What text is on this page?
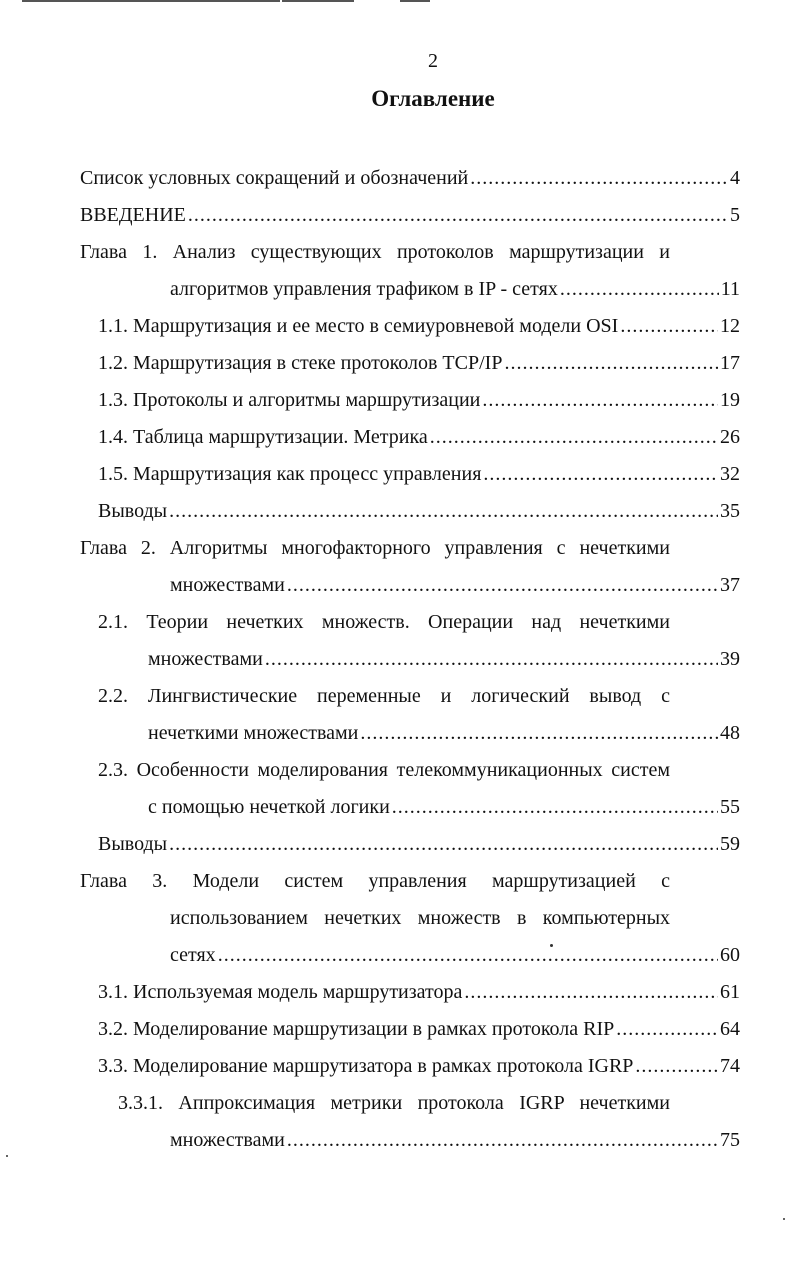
2
Оглавление
Список условных сокращений и обозначений .....	4
ВВЕДЕНИЕ .....	5
Глава 1. Анализ существующих протоколов маршрутизации и
алгоритмов управления трафиком в IP - сетях .....	11
1.1. Маршрутизация и ее место в семиуровневой модели OSI .....	12
1.2. Маршрутизация в стеке протоколов TCP/IP .....	17
1.3. Протоколы и алгоритмы маршрутизации .....	19
1.4. Таблица маршрутизации. Метрика .....	26
1.5. Маршрутизация как процесс управления .....	32
Выводы .....	35
Глава 2. Алгоритмы многофакторного управления с нечеткими
множествами .....	37
2.1. Теории нечетких множеств. Операции над нечеткими
множествами .....	39
2.2. Лингвистические переменные и логический вывод с
нечеткими множествами .....	48
2.3. Особенности моделирования телекоммуникационных систем
с помощью нечеткой логики .....	55
Выводы .....	59
Глава 3. Модели систем управления маршрутизацией с
использованием нечетких множеств в компьютерных
сетях .....	60
3.1. Используемая модель маршрутизатора .....	61
3.2. Моделирование маршрутизации в рамках протокола RIP .....	64
3.3. Моделирование маршрутизатора в рамках протокола IGRP .....	74
3.3.1. Аппроксимация метрики протокола IGRP нечеткими
множествами .....	75
